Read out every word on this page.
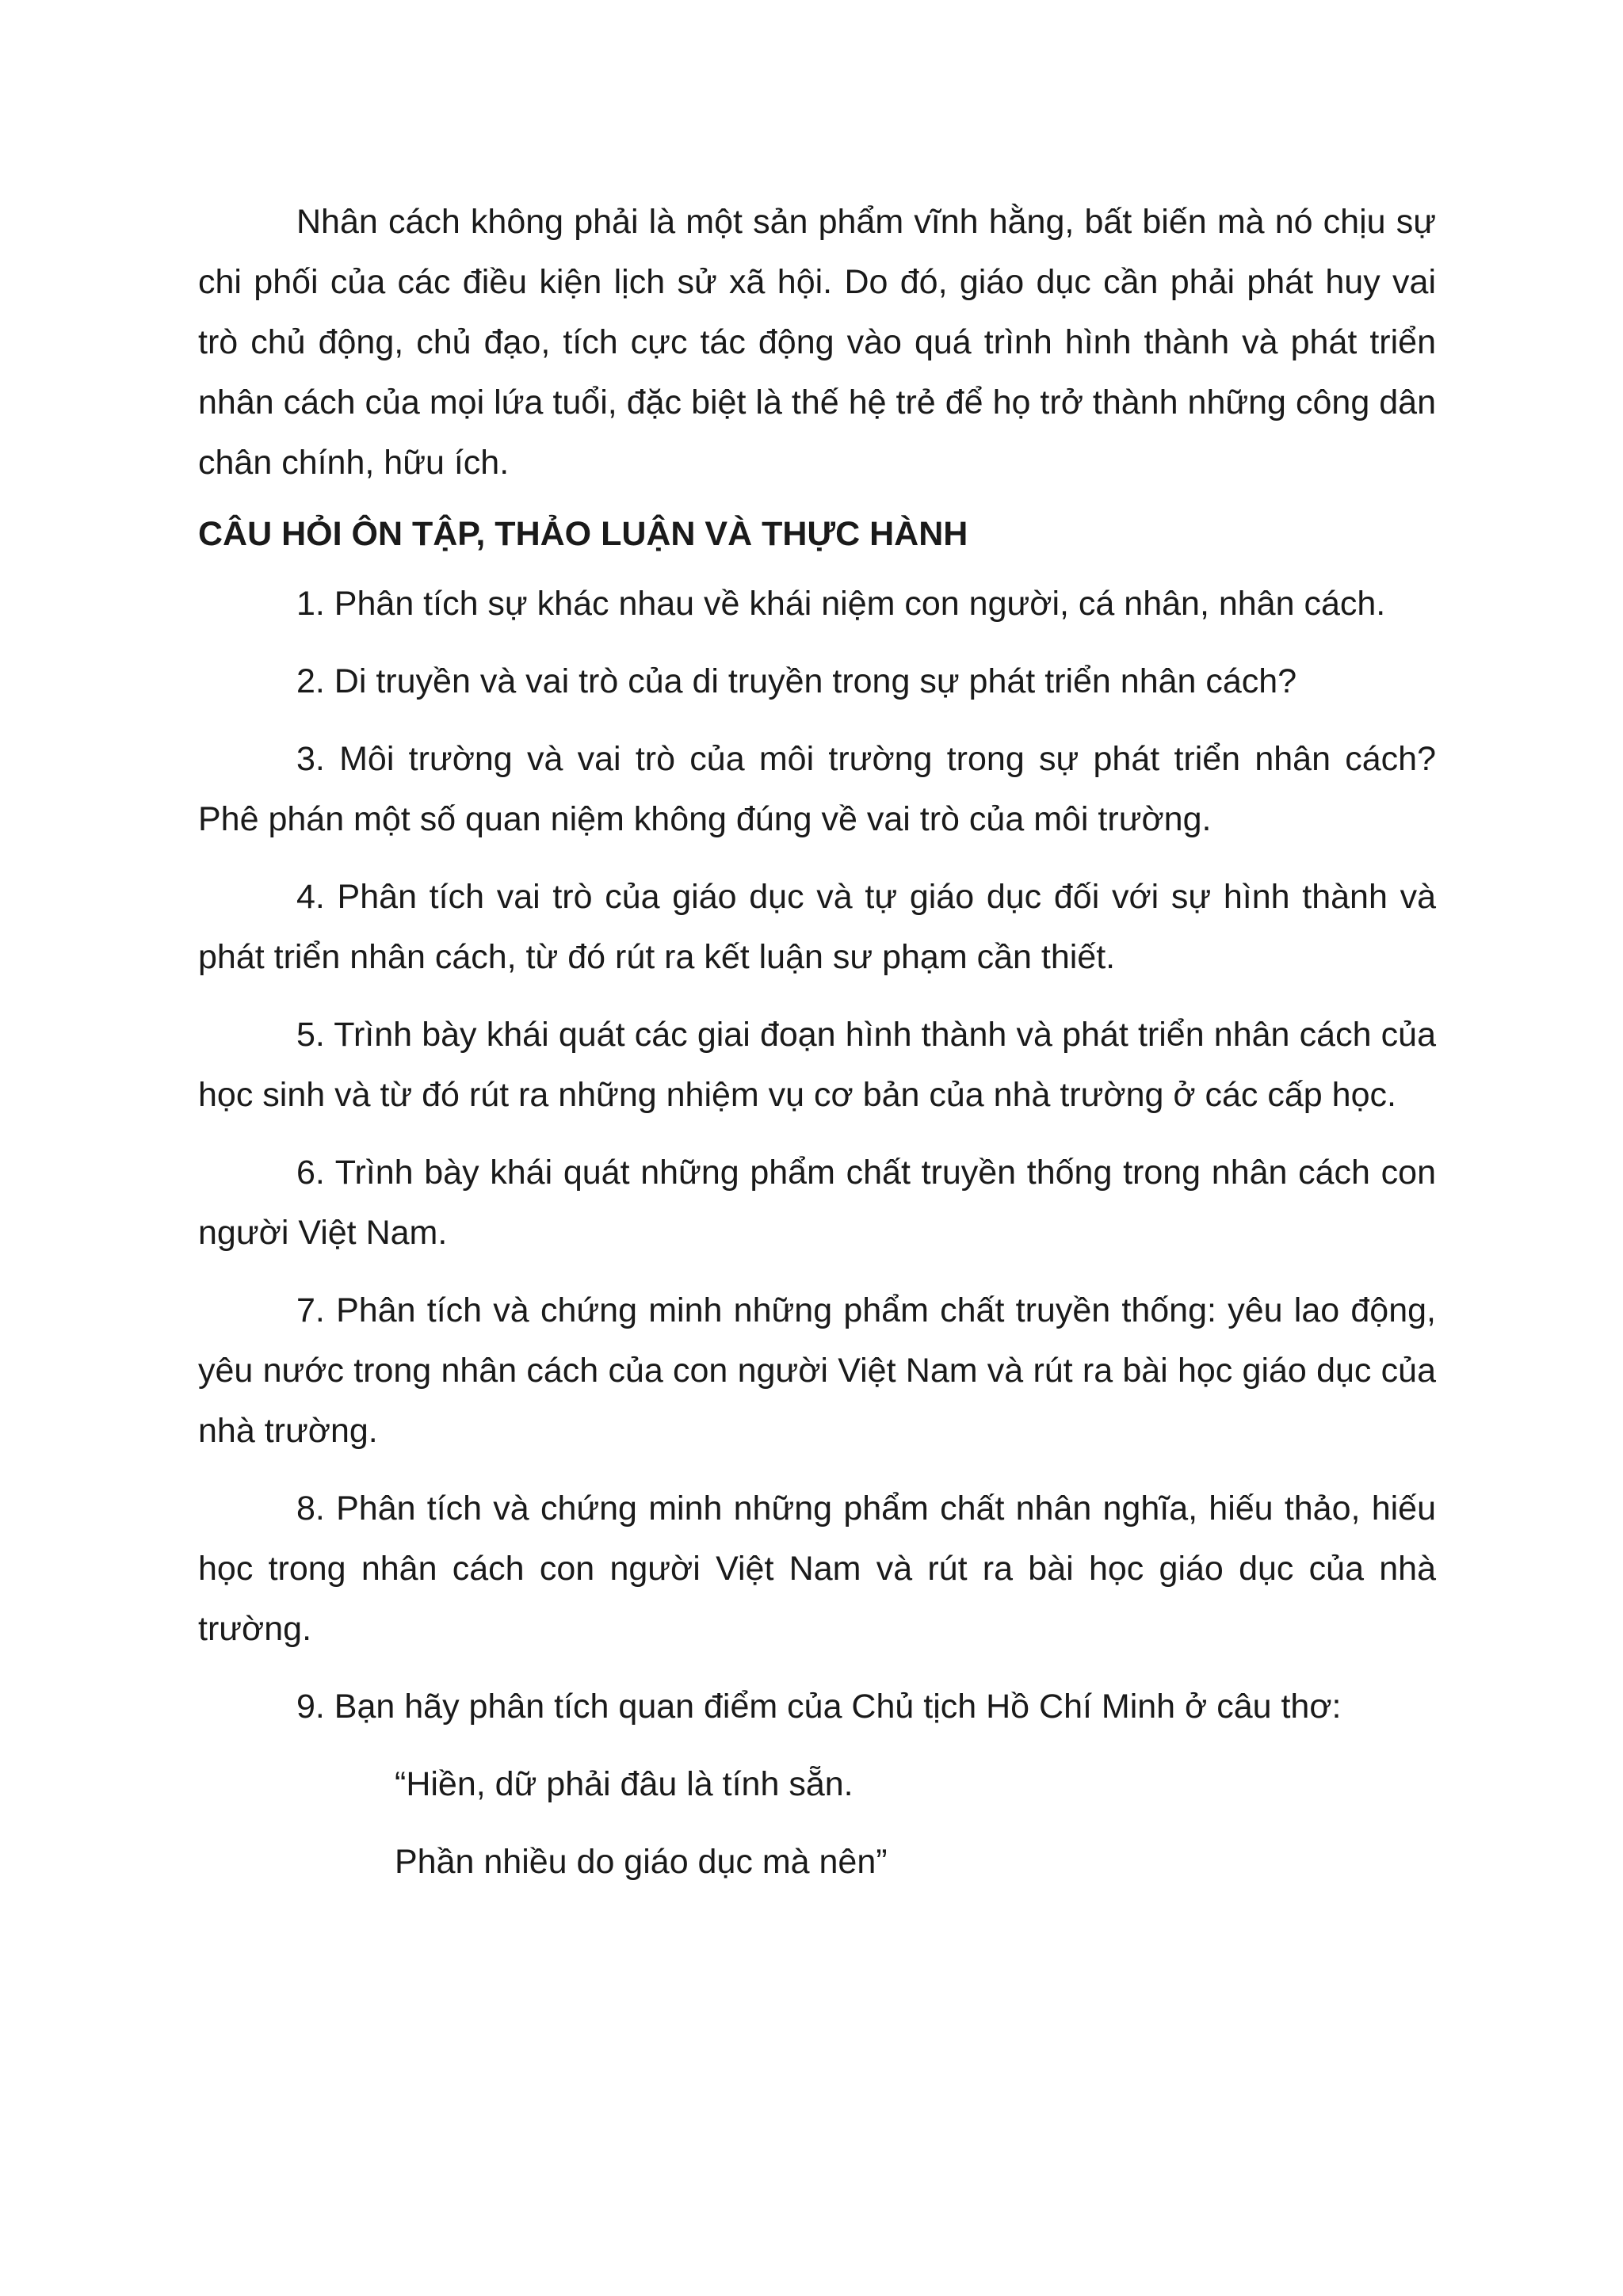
Nhân cách không phải là một sản phẩm vĩnh hằng, bất biến mà nó chịu sự chi phối của các điều kiện lịch sử xã hội. Do đó, giáo dục cần phải phát huy vai trò chủ động, chủ đạo, tích cực tác động vào quá trình hình thành và phát triển nhân cách của mọi lứa tuổi, đặc biệt là thế hệ trẻ để họ trở thành những công dân chân chính, hữu ích.

CÂU HỎI ÔN TẬP, THẢO LUẬN VÀ THỰC HÀNH

1. Phân tích sự khác nhau về khái niệm con người, cá nhân, nhân cách.

2. Di truyền và vai trò của di truyền trong sự phát triển nhân cách?

3. Môi trường và vai trò của môi trường trong sự phát triển nhân cách? Phê phán một số quan niệm không đúng về vai trò của môi trường.

4. Phân tích vai trò của giáo dục và tự giáo dục đối với sự hình thành và phát triển nhân cách, từ đó rút ra kết luận sư phạm cần thiết.

5. Trình bày khái quát các giai đoạn hình thành và phát triển nhân cách của học sinh và từ đó rút ra những nhiệm vụ cơ bản của nhà trường ở các cấp học.

6. Trình bày khái quát những phẩm chất truyền thống trong nhân cách con người Việt Nam.

7. Phân tích và chứng minh những phẩm chất truyền thống: yêu lao động, yêu nước trong nhân cách của con người Việt Nam và rút ra bài học giáo dục của nhà trường.

8. Phân tích và chứng minh những phẩm chất nhân nghĩa, hiếu thảo, hiếu học trong nhân cách con người Việt Nam và rút ra bài học giáo dục của nhà trường.

9. Bạn hãy phân tích quan điểm của Chủ tịch Hồ Chí Minh ở câu thơ:

“Hiền, dữ phải đâu là tính sẵn.

Phần nhiều do giáo dục mà nên”
